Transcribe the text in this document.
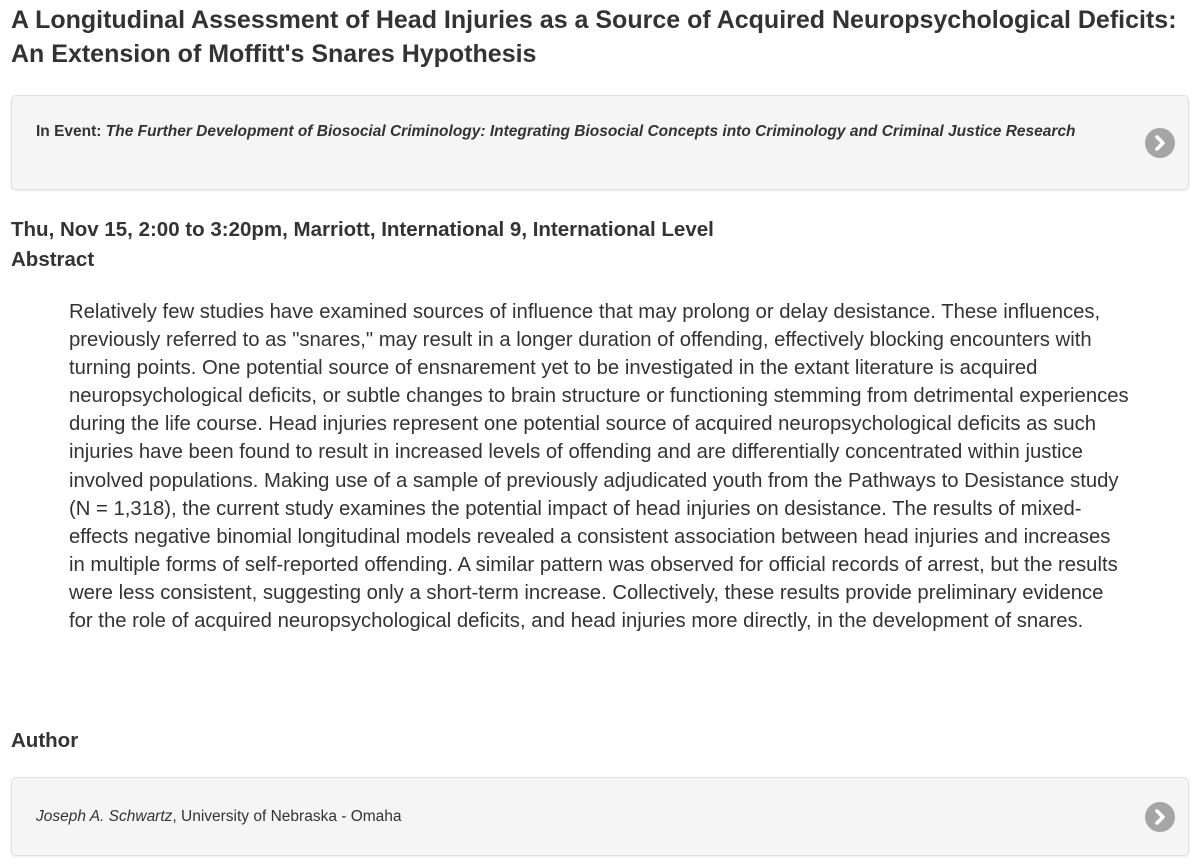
A Longitudinal Assessment of Head Injuries as a Source of Acquired Neuropsychological Deficits: An Extension of Moffitt's Snares Hypothesis
In Event: The Further Development of Biosocial Criminology: Integrating Biosocial Concepts into Criminology and Criminal Justice Research
Thu, Nov 15, 2:00 to 3:20pm, Marriott, International 9, International Level
Abstract

Relatively few studies have examined sources of influence that may prolong or delay desistance. These influences, previously referred to as "snares," may result in a longer duration of offending, effectively blocking encounters with turning points. One potential source of ensnarement yet to be investigated in the extant literature is acquired neuropsychological deficits, or subtle changes to brain structure or functioning stemming from detrimental experiences during the life course. Head injuries represent one potential source of acquired neuropsychological deficits as such injuries have been found to result in increased levels of offending and are differentially concentrated within justice involved populations. Making use of a sample of previously adjudicated youth from the Pathways to Desistance study (N = 1,318), the current study examines the potential impact of head injuries on desistance. The results of mixed-effects negative binomial longitudinal models revealed a consistent association between head injuries and increases in multiple forms of self-reported offending. A similar pattern was observed for official records of arrest, but the results were less consistent, suggesting only a short-term increase. Collectively, these results provide preliminary evidence for the role of acquired neuropsychological deficits, and head injuries more directly, in the development of snares.

Author
Joseph A. Schwartz, University of Nebraska - Omaha
